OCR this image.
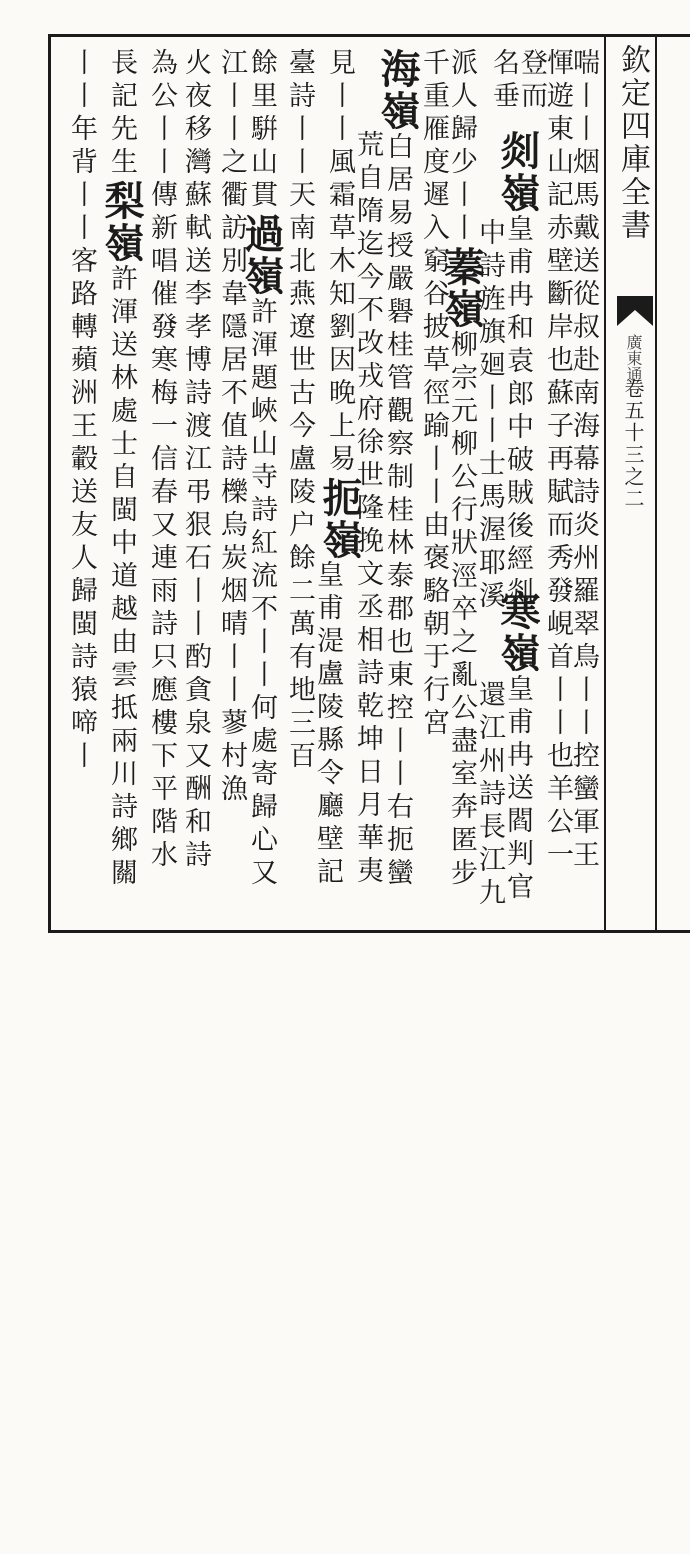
欽定四庫全書
廣東通
卷五十三之二
喘丨丨烟馬戴送從叔赴南海幕詩炎州羅翠鳥丨丨控蠻軍王
惲遊東山記赤壁斷岸也蘇子再賦而秀發峴首丨丨也羊公一
登而
剡嶺皇甫冉和袁郎中破賊後經剡
名垂
中詩旌旗廻丨丨士馬渥耶溪
寒嶺皇甫冉送閻判官
還江州詩長江九
派人歸少丨丨蓁嶺柳宗元柳公行狀涇卒之亂公盡室奔匿步
千重雁度遲入窮谷披草徑踰丨丨由褒駱朝于行宮
海嶺白居易授嚴礜桂管觀察制桂林泰郡也東控丨丨右扼蠻
荒自隋迄今不改戎府徐世隆挽文丞相詩乾坤日月華夷
見丨丨風霜草木知劉因晚上易扼嶺
皇甫湜盧陵縣令廳壁記
臺詩丨丨天南北燕遼世古今盧陵户餘二萬有地三百
餘里騈山貫過嶺許渾題峽山寺詩紅流不丨丨何處寄歸心又
江丨丨之衢訪別韋隱居不值詩櫟烏炭烟晴丨丨蓼村漁
火夜移灣蘇軾送李孝博詩渡江弔狠石丨丨酌貪泉又酬和詩
為公丨丨傳新唱催發寒梅一信春又連雨詩只應樓下平階水
長記先生梨嶺許渾送林處士自閩中道越由雲抵兩川詩鄉關
丨丨年背丨丨客路轉蘋洲王轂送友人歸閩詩猿啼丨
